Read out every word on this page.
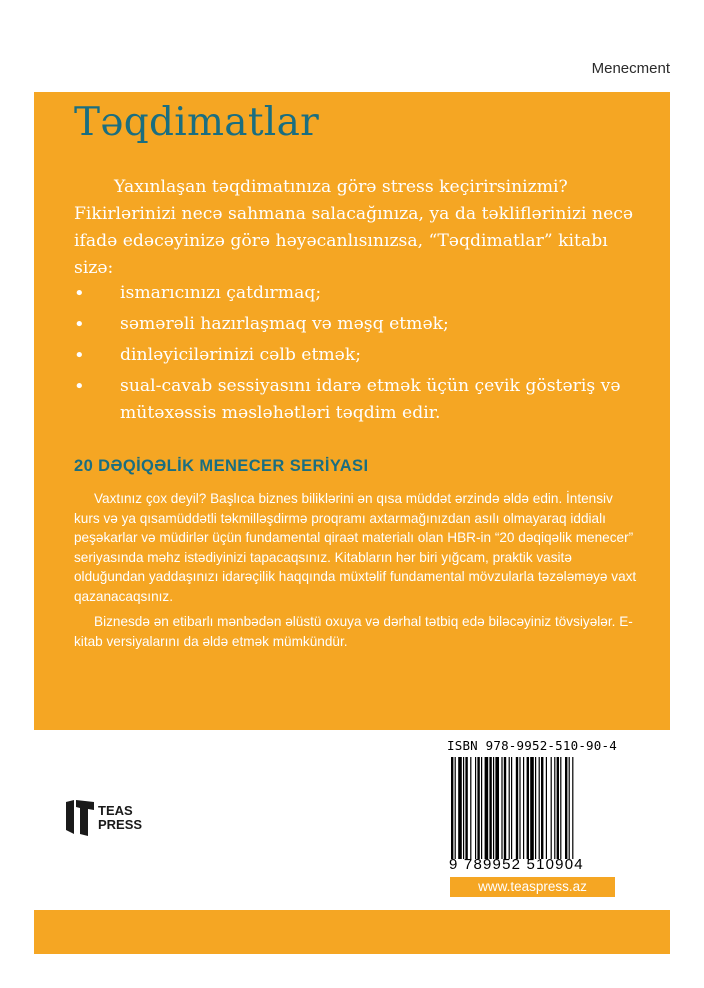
Menecment
Təqdimatlar

Yaxınlaşan təqdimatınıza görə stress keçirirsinizmi? Fikirlərinizi necə sahmana salacağınıza, ya da təkliflərinizi necə ifadə edəcəyinizə görə həyəcanlısınızsa, “Təqdimatlar” kitabı sizə:

• ismarıcınızı çatdırmaq;
• səmərəli hazırlaşmaq və məşq etmək;
• dinləyicilərinizi cəlb etmək;
• sual-cavab sessiyasını idarə etmək üçün çevik göstəriş və mütəxəssis məsləhətləri təqdim edir.
20 DƏQİQƏLİK MENECER SERİYASI

Vaxtınız çox deyil? Başlıca biznes biliklərini ən qısa müddət ərzində əldə edin. İntensiv kurs və ya qısamüddətli təkmilləşdirmə proqramı axtarmağınızdan asılı olmayaraq iddialı peşəkarlar və müdirlər üçün fundamental qiraət materialı olan HBR-in “20 dəqiqəlik menecer” seriyasında məhz istədiyinizi tapacaqsınız. Kitabların hər biri yığcam, praktik vasitə olduğundan yaddaşınızı idarəçilik haqqında müxtəlif fundamental mövzularla təzələməyə vaxt qazanacaqsınız.

Biznesdə ən etibarlı mənbədən əlüstü oxuya və dərhal tətbiq edə biləcəyiniz tövsiyələr. E-kitab versiyalarını da əldə etmək mümkündür.

TEAS
PRESS
ISBN 978-9952-510-90-4
9 789952 510904
www.teaspress.az
